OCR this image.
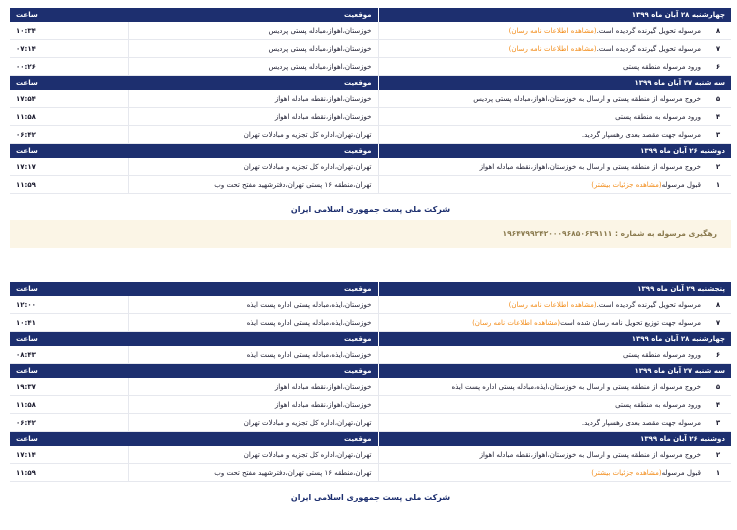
چهارشنبه ۲۸ آبان ماه ۱۳۹۹	موقعیت	ساعت
۸مرسوله تحویل گیرنده گردیده است.(مشاهده اطلاعات نامه رسان)	خوزستان،اهواز،مبادله پستی پردیس	۱۰:۳۴
۷مرسوله تحویل گیرنده گردیده است.(مشاهده اطلاعات نامه رسان)	خوزستان،اهواز،مبادله پستی پردیس	۰۷:۱۴
۶ورود مرسوله منطقه پستی	خوزستان،اهواز،مبادله پستی پردیس	۰۰:۲۶
سه شنبه ۲۷ آبان ماه ۱۳۹۹	موقعیت	ساعت
۵خروج مرسوله از منطقه پستی و ارسال به خوزستان،اهواز،مبادله پستی پردیس	خوزستان،اهواز،نقطه مبادله اهواز	۱۷:۵۴
۴ورود مرسوله به منطقه پستی	خوزستان،اهواز،نقطه مبادله اهواز	۱۱:۵۸
۳مرسوله جهت مقصد بعدی رهسپار گردید.	تهران،تهران،اداره کل تجزیه و مبادلات تهران	۰۶:۴۲
دوشنبه ۲۶ آبان ماه ۱۳۹۹	موقعیت	ساعت
۲خروج مرسوله از منطقه پستی و ارسال به خوزستان،اهواز،نقطه مبادله اهواز	تهران،تهران،اداره کل تجزیه و مبادلات تهران	۱۷:۱۷
۱قبول مرسوله(مشاهده جزئیات بیشتر)	تهران،منطقه ۱۶ پستی تهران،دفترشهید مفتح تحت وب	۱۱:۵۹
شرکت ملی پست جمهوری اسلامی ایران
رهگیری مرسوله به شماره : ۱۹۶۴۷۹۹۲۴۲۰۰۰۹۶۸۵۰۶۳۹۱۱۱
پنجشنبه ۲۹ آبان ماه ۱۳۹۹	موقعیت	ساعت
۸مرسوله تحویل گیرنده گردیده است.(مشاهده اطلاعات نامه رسان)	خوزستان،ایذه،مبادله پستی اداره پست ایذه	۱۲:۰۰
۷مرسوله جهت توزیع تحویل نامه رسان شده است(مشاهده اطلاعات نامه رسان)	خوزستان،ایذه،مبادله پستی اداره پست ایذه	۱۰:۴۱
چهارشنبه ۲۸ آبان ماه ۱۳۹۹	موقعیت	ساعت
۶ورود مرسوله منطقه پستی	خوزستان،ایذه،مبادله پستی اداره پست ایذه	۰۸:۴۳
سه شنبه ۲۷ آبان ماه ۱۳۹۹	موقعیت	ساعت
۵خروج مرسوله از منطقه پستی و ارسال به خوزستان،ایذه،مبادله پستی اداره پست ایذه	خوزستان،اهواز،نقطه مبادله اهواز	۱۹:۳۷
۴ورود مرسوله به منطقه پستی	خوزستان،اهواز،نقطه مبادله اهواز	۱۱:۵۸
۳مرسوله جهت مقصد بعدی رهسپار گردید.	تهران،تهران،اداره کل تجزیه و مبادلات تهران	۰۶:۴۲
دوشنبه ۲۶ آبان ماه ۱۳۹۹	موقعیت	ساعت
۲خروج مرسوله از منطقه پستی و ارسال به خوزستان،اهواز،نقطه مبادله اهواز	تهران،تهران،اداره کل تجزیه و مبادلات تهران	۱۷:۱۴
۱قبول مرسوله(مشاهده جزئیات بیشتر)	تهران،منطقه ۱۶ پستی تهران،دفترشهید مفتح تحت وب	۱۱:۵۹
شرکت ملی پست جمهوری اسلامی ایران
